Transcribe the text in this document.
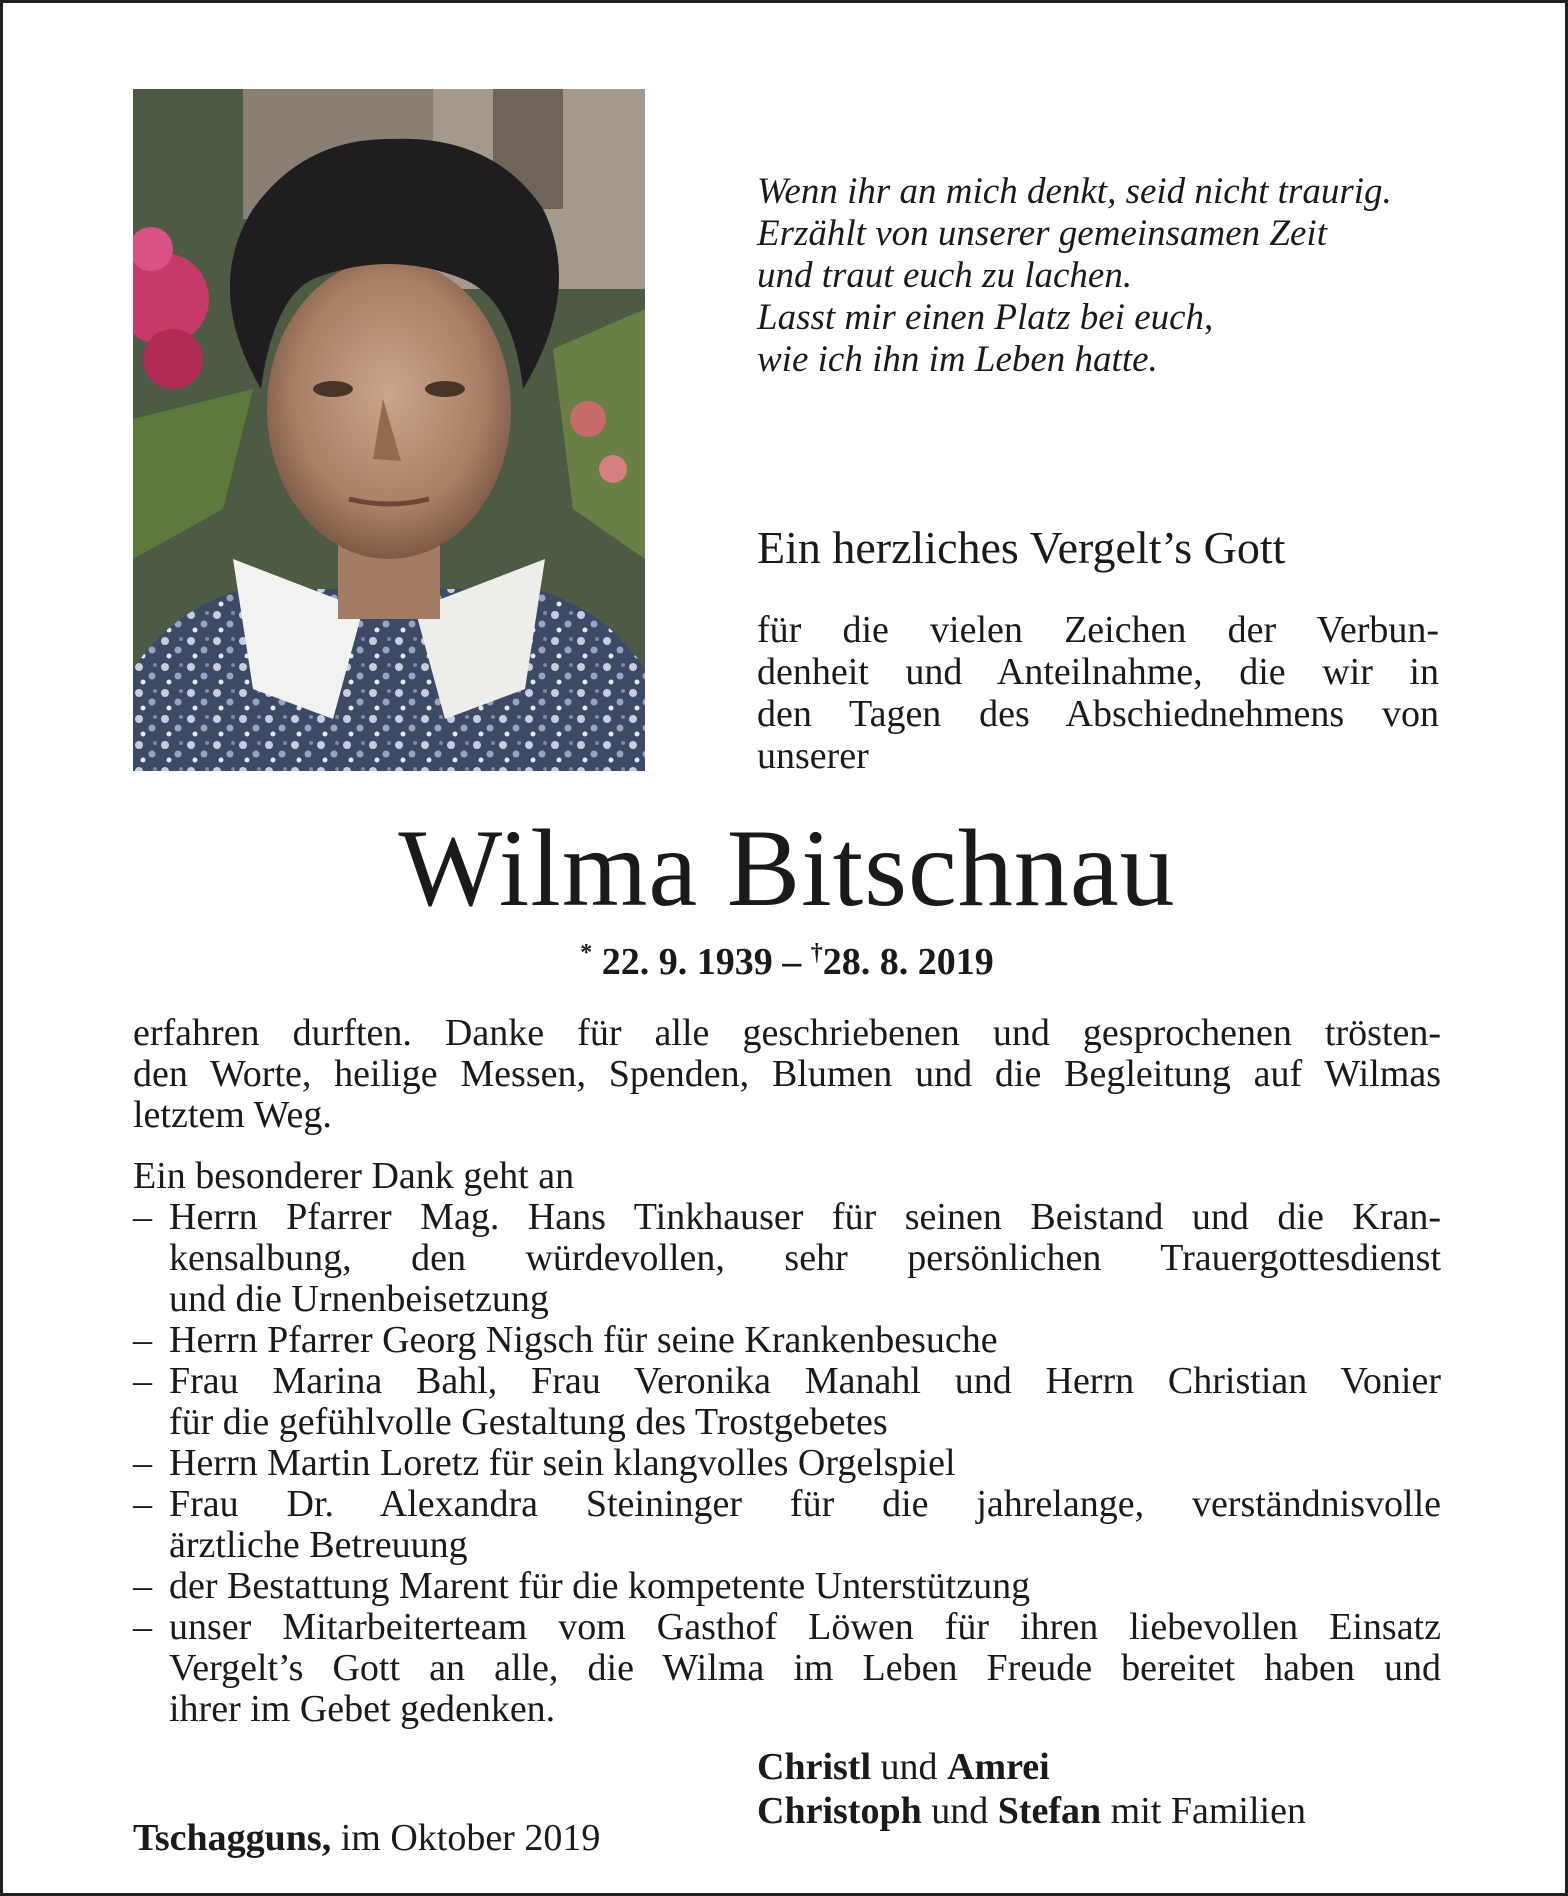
Wenn ihr an mich denkt, seid nicht traurig.
Erzählt von unserer gemeinsamen Zeit
und traut euch zu lachen.
Lasst mir einen Platz bei euch,
wie ich ihn im Leben hatte.
Ein herzliches Vergelt’s Gott
für die vielen Zeichen der Verbun-
denheit und Anteilnahme, die wir in
den Tagen des Abschiednehmens von
unserer
Wilma Bitschnau
* 22. 9. 1939 – †28. 8. 2019
erfahren durften. Danke für alle geschriebenen und gesprochenen trösten-
den Worte, heilige Messen, Spenden, Blumen und die Begleitung auf Wilmas
letztem Weg.
Ein besonderer Dank geht an
– Herrn Pfarrer Mag. Hans Tinkhauser für seinen Beistand und die Kran-
kensalbung, den würdevollen, sehr persönlichen Trauergottesdienst
und die Urnenbeisetzung
– Herrn Pfarrer Georg Nigsch für seine Krankenbesuche
– Frau Marina Bahl, Frau Veronika Manahl und Herrn Christian Vonier
für die gefühlvolle Gestaltung des Trostgebetes
– Herrn Martin Loretz für sein klangvolles Orgelspiel
– Frau Dr. Alexandra Steininger für die jahrelange, verständnisvolle
ärztliche Betreuung
– der Bestattung Marent für die kompetente Unterstützung
– unser Mitarbeiterteam vom Gasthof Löwen für ihren liebevollen Einsatz
Vergelt’s Gott an alle, die Wilma im Leben Freude bereitet haben und
ihrer im Gebet gedenken.
Christl und Amrei
Christoph und Stefan mit Familien
Tschagguns, im Oktober 2019
